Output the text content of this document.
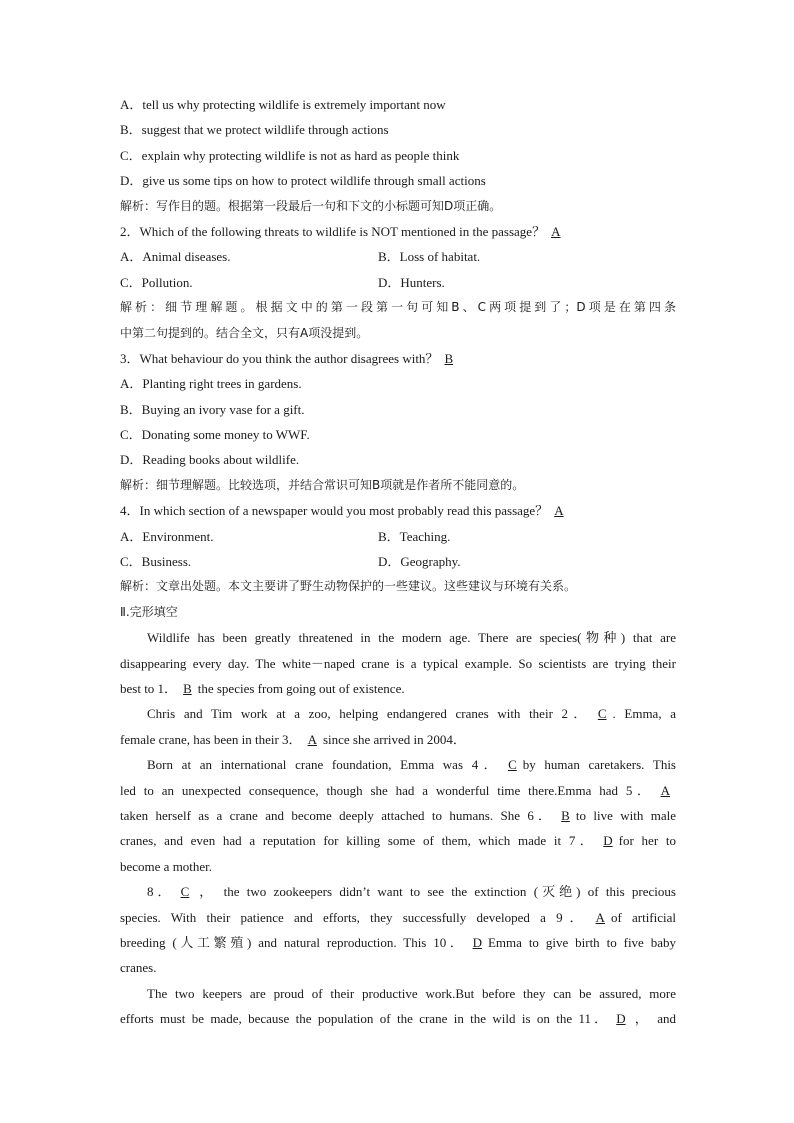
A．tell us why protecting wildlife is extremely important now
B．suggest that we protect wildlife through actions
C．explain why protecting wildlife is not as hard as people think
D．give us some tips on how to protect wildlife through small actions
解析：写作目的题。根据第一段最后一句和下文的小标题可知D项正确。
2．Which of the following threats to wildlife is NOT mentioned in the passage？ A
A．Animal diseases.	B．Loss of habitat.
C．Pollution.	D．Hunters.
解析：细节理解题。根据文中的第一段第一句可知B、C两项提到了；D项是在第四条
中第二句提到的。结合全文，只有A项没提到。
3．What behaviour do you think the author disagrees with？ B
A．Planting right trees in gardens.
B．Buying an ivory vase for a gift.
C．Donating some money to WWF.
D．Reading books about wildlife.
解析：细节理解题。比较选项，并结合常识可知B项就是作者所不能同意的。
4．In which section of a newspaper would you most probably read this passage？ A
A．Environment.	B．Teaching.
C．Business.	D．Geography.
解析：文章出处题。本文主要讲了野生动物保护的一些建议。这些建议与环境有关系。
Ⅱ.完形填空
Wildlife has been greatly threatened in the modern age. There are species(物种) that are
disappearing every day. The white－naped crane is a typical example. So scientists are trying their
best to 1． B the species from going out of existence.
Chris and Tim work at a zoo, helping endangered cranes with their 2． C . Emma, a
female crane, has been in their 3． A since she arrived in 2004．
Born at an international crane foundation, Emma was 4． C by human caretakers. This
led to an unexpected consequence, though she had a wonderful time there.Emma had 5． A
taken herself as a crane and become deeply attached to humans. She 6． B to live with male
cranes, and even had a reputation for killing some of them, which made it 7． D for her to
become a mother.
8． C ， the two zookeepers didn’t want to see the extinction (灭绝) of this precious
species. With their patience and efforts, they successfully developed a 9． A of artificial
breeding (人工繁殖) and natural reproduction. This 10． D Emma to give birth to five baby
cranes.
The two keepers are proud of their productive work.But before they can be assured, more
efforts must be made, because the population of the crane in the wild is on the 11． D ， and
